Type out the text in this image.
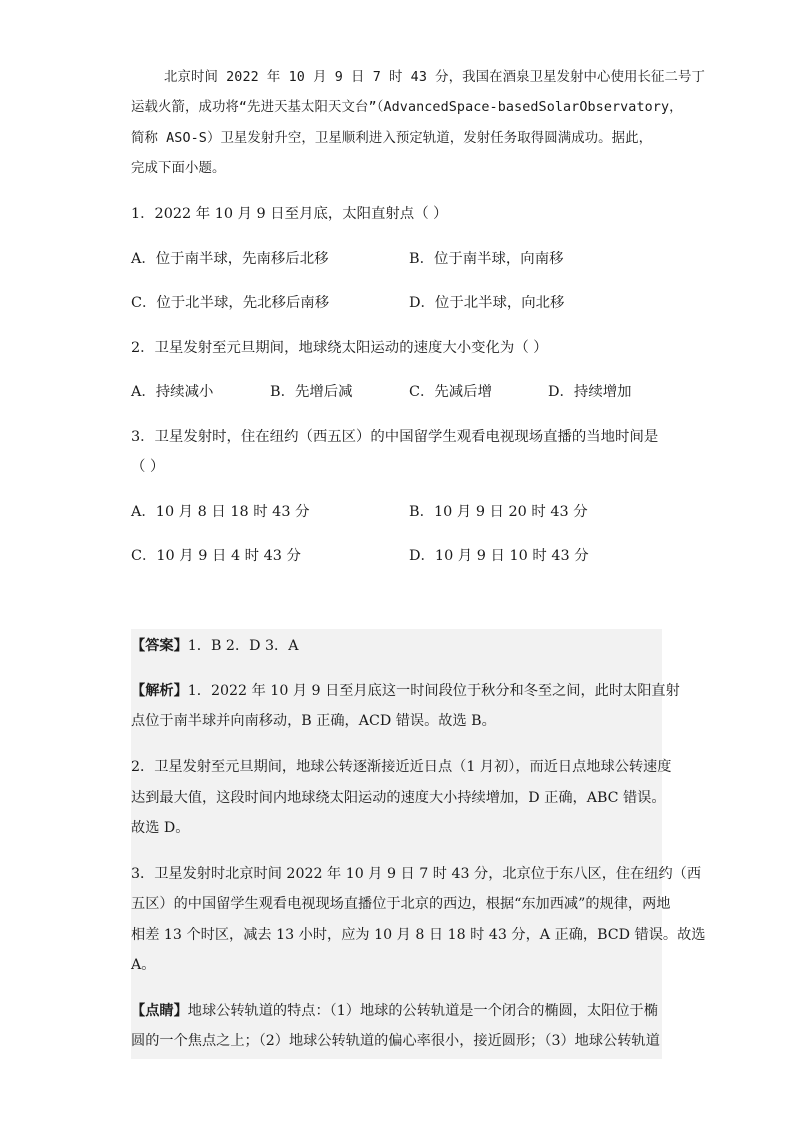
北京时间 2022 年 10 月 9 日 7 时 43 分，我国在酒泉卫星发射中心使用长征二号丁
运载火箭，成功将“先进天基太阳天文台”（AdvancedSpace-basedSolarObservatory，
简称 ASO-S）卫星发射升空，卫星顺利进入预定轨道，发射任务取得圆满成功。据此，
完成下面小题。
1．2022 年 10 月 9 日至月底，太阳直射点（ ）
A．位于南半球，先南移后北移	B．位于南半球，向南移
C．位于北半球，先北移后南移	D．位于北半球，向北移
2．卫星发射至元旦期间，地球绕太阳运动的速度大小变化为（ ）
A．持续减小	B．先增后减	C．先减后增	D．持续增加
3．卫星发射时，住在纽约（西五区）的中国留学生观看电视现场直播的当地时间是
（ ）
A．10 月 8 日 18 时 43 分	B．10 月 9 日 20 时 43 分
C．10 月 9 日 4 时 43 分	D．10 月 9 日 10 时 43 分
【答案】1．B 2．D 3．A
【解析】1．2022 年 10 月 9 日至月底这一时间段位于秋分和冬至之间，此时太阳直射
点位于南半球并向南移动，B 正确，ACD 错误。故选 B。
2．卫星发射至元旦期间，地球公转逐渐接近近日点（1 月初），而近日点地球公转速度
达到最大值，这段时间内地球绕太阳运动的速度大小持续增加，D 正确，ABC 错误。
故选 D。
3．卫星发射时北京时间 2022 年 10 月 9 日 7 时 43 分，北京位于东八区，住在纽约（西
五区）的中国留学生观看电视现场直播位于北京的西边，根据“东加西减”的规律，两地
相差 13 个时区，减去 13 小时，应为 10 月 8 日 18 时 43 分，A 正确，BCD 错误。故选
A。
【点睛】地球公转轨道的特点：（1）地球的公转轨道是一个闭合的椭圆，太阳位于椭
圆的一个焦点之上；（2）地球公转轨道的偏心率很小，接近圆形；（3）地球公转轨道
